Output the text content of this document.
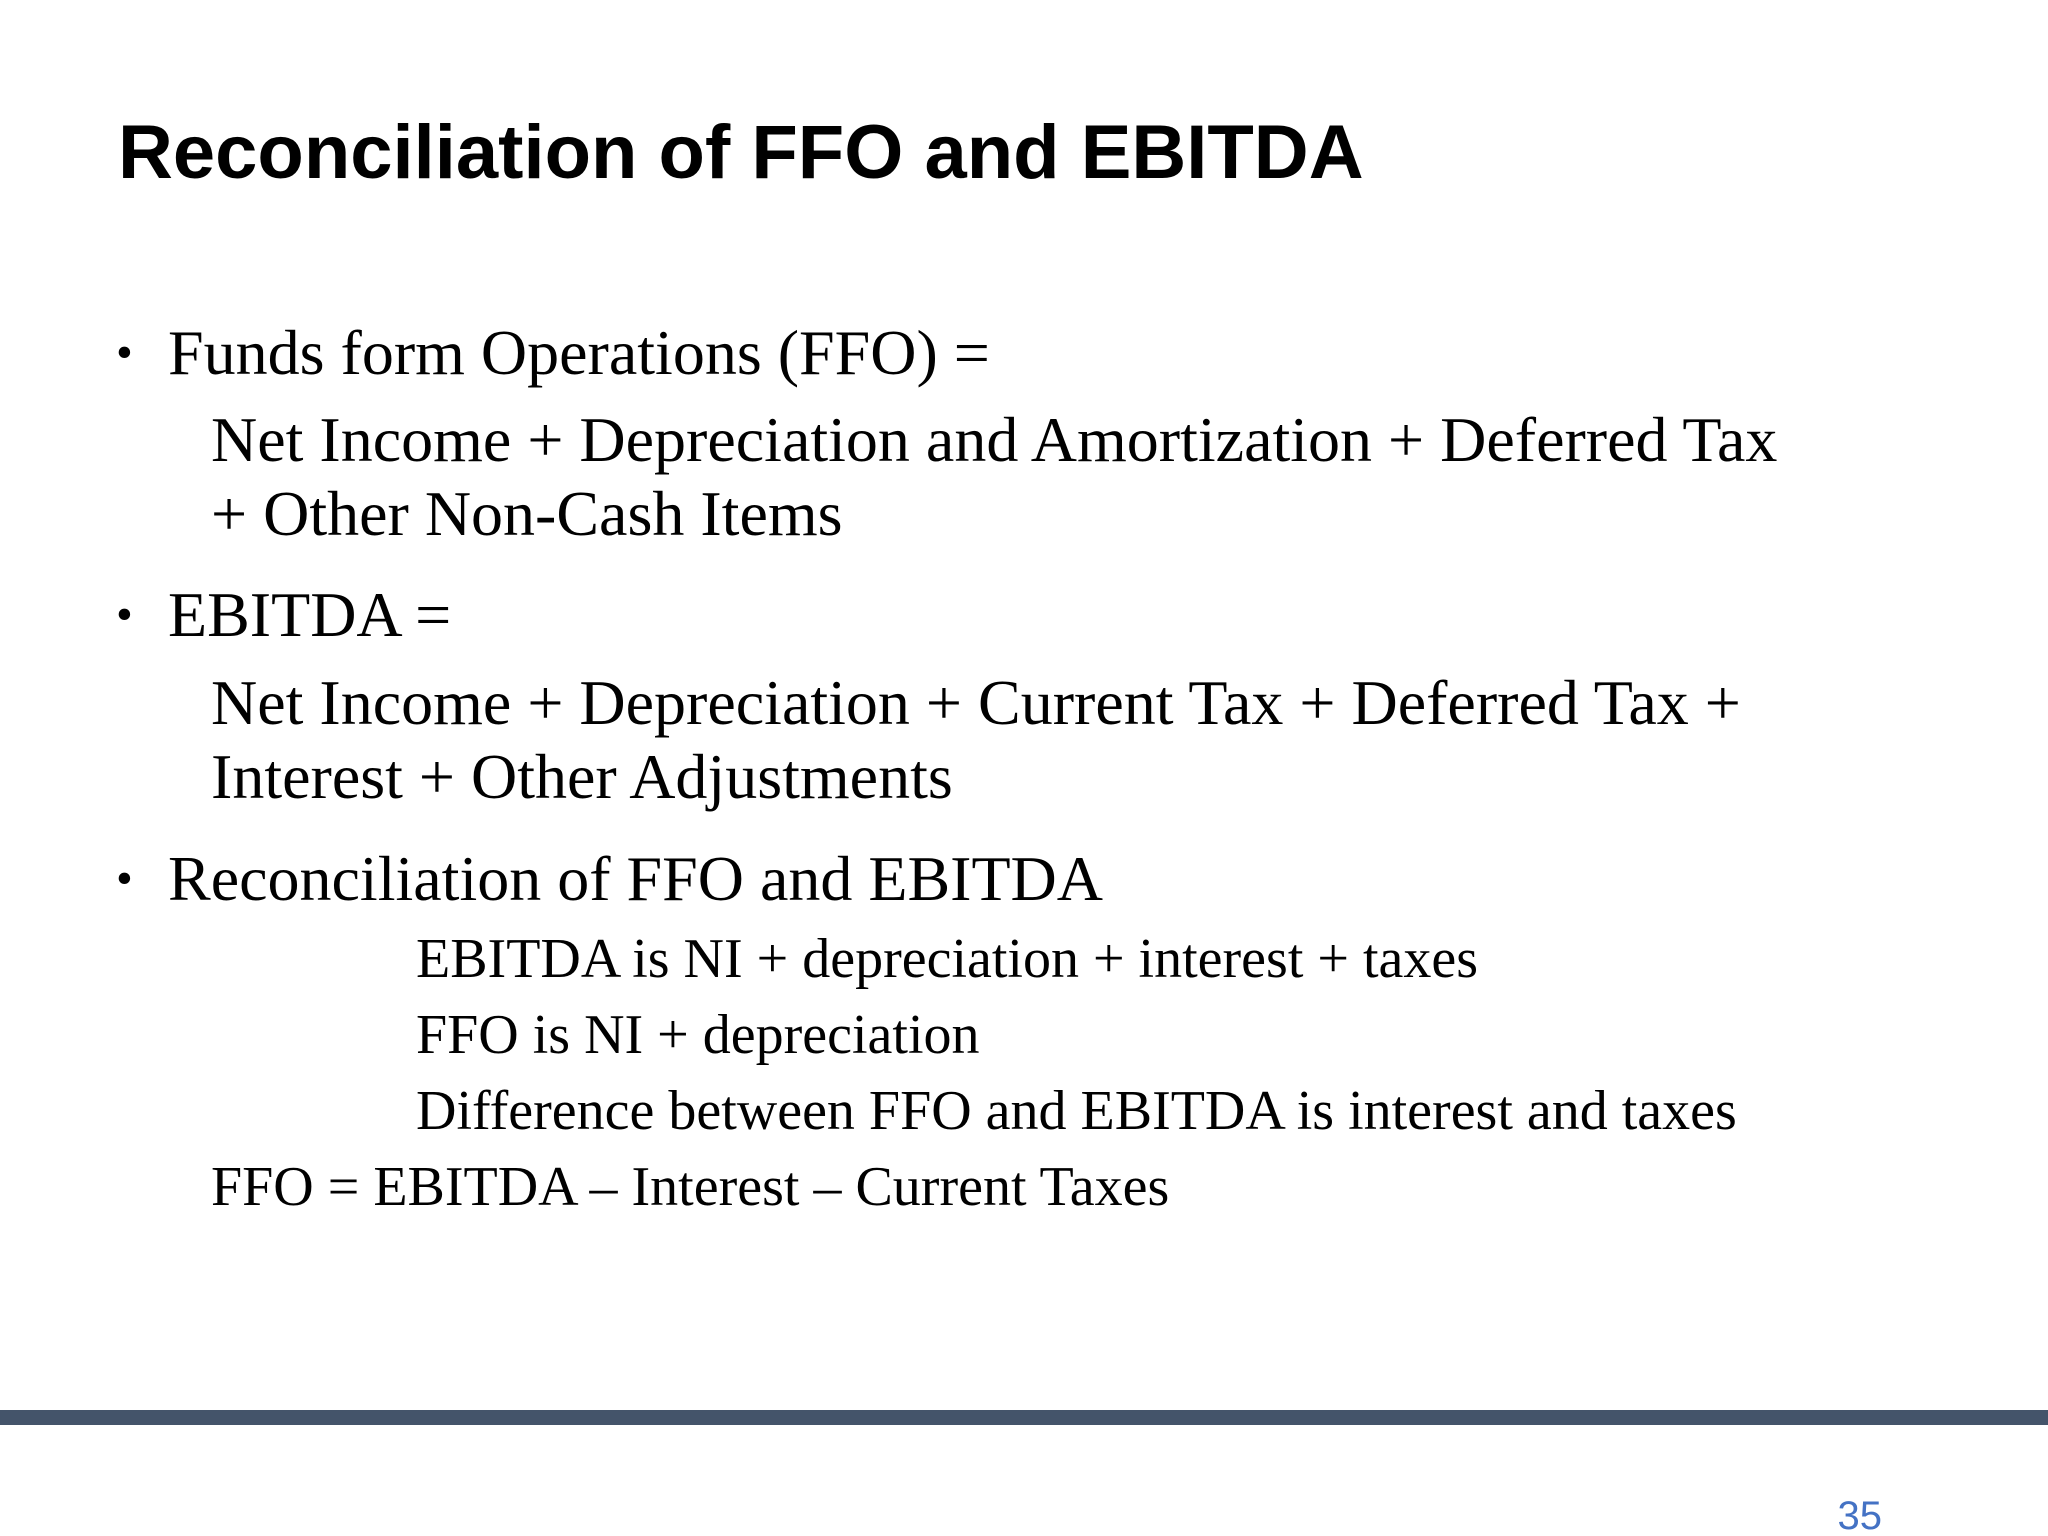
Reconciliation of FFO and EBITDA
• Funds form Operations (FFO) =

Net Income + Depreciation and Amortization + Deferred Tax

+ Other Non-Cash Items

• EBITDA =

Net Income + Depreciation + Current Tax + Deferred Tax +

Interest + Other Adjustments

• Reconciliation of FFO and EBITDA

EBITDA is NI + depreciation + interest + taxes

FFO is NI + depreciation

Difference between FFO and EBITDA is interest and taxes

FFO = EBITDA – Interest – Current Taxes

35
